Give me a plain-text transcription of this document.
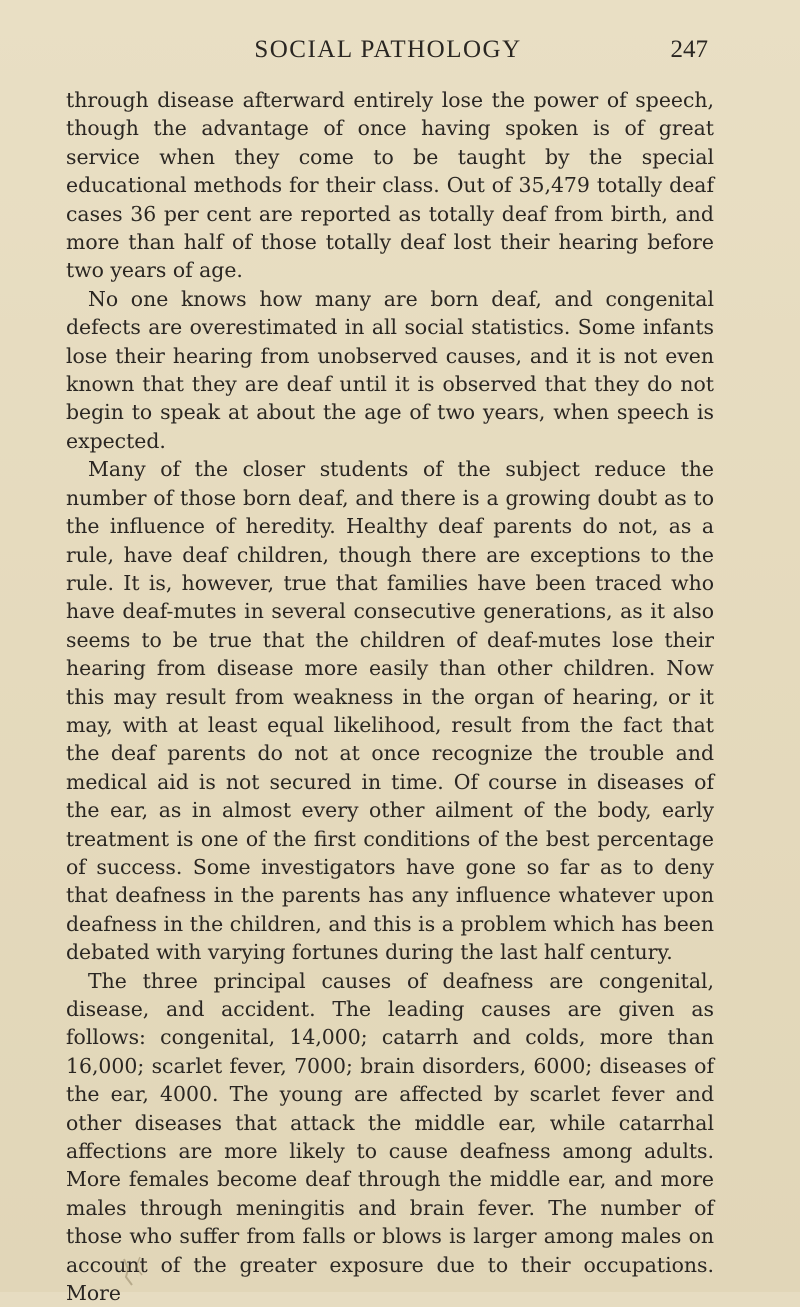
SOCIAL PATHOLOGY	247

through disease afterward entirely lose the power of speech, though the advantage of once having spoken is of great service when they come to be taught by the special educational methods for their class. Out of 35,479 totally deaf cases 36 per cent are reported as totally deaf from birth, and more than half of those totally deaf lost their hearing before two years of age.

No one knows how many are born deaf, and congenital defects are overestimated in all social statistics. Some infants lose their hearing from unobserved causes, and it is not even known that they are deaf until it is observed that they do not begin to speak at about the age of two years, when speech is expected.

Many of the closer students of the subject reduce the number of those born deaf, and there is a growing doubt as to the influence of heredity. Healthy deaf parents do not, as a rule, have deaf children, though there are exceptions to the rule. It is, however, true that families have been traced who have deaf-mutes in several consecutive generations, as it also seems to be true that the children of deaf-mutes lose their hearing from disease more easily than other children. Now this may result from weakness in the organ of hearing, or it may, with at least equal likelihood, result from the fact that the deaf parents do not at once recognize the trouble and medical aid is not secured in time. Of course in diseases of the ear, as in almost every other ailment of the body, early treatment is one of the first conditions of the best percentage of success. Some investigators have gone so far as to deny that deafness in the parents has any influence whatever upon deafness in the children, and this is a problem which has been debated with varying fortunes during the last half century.

The three principal causes of deafness are congenital, disease, and accident. The leading causes are given as follows: congenital, 14,000; catarrh and colds, more than 16,000; scarlet fever, 7000; brain disorders, 6000; diseases of the ear, 4000. The young are affected by scarlet fever and other diseases that attack the middle ear, while catarrhal affections are more likely to cause deafness among adults. More females become deaf through the middle ear, and more males through meningitis and brain fever. The number of those who suffer from falls or blows is larger among males on account of the greater exposure due to their occupations. More
